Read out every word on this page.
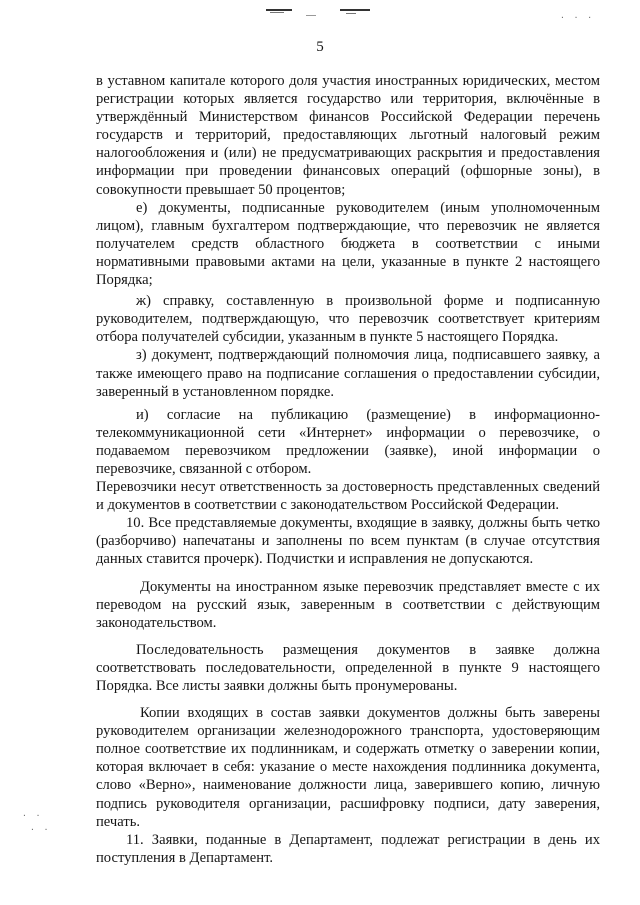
· · ·
· ·
· ·
5

в уставном капитале которого доля участия иностранных юридических, местом регистрации которых является государство или территория, включённые в утверждённый Министерством финансов Российской Федерации перечень государств и территорий, предоставляющих льготный налоговый режим налогообложения и (или) не предусматривающих раскрытия и предоставления информации при проведении финансовых операций (офшорные зоны), в совокупности превышает 50 процентов;

е) документы, подписанные руководителем (иным уполномоченным лицом), главным бухгалтером подтверждающие, что перевозчик не является получателем средств областного бюджета в соответствии с иными нормативными правовыми актами на цели, указанные в пункте 2 настоящего Порядка;

ж) справку, составленную в произвольной форме и подписанную руководителем, подтверждающую, что перевозчик соответствует критериям отбора получателей субсидии, указанным в пункте 5 настоящего Порядка.

з) документ, подтверждающий полномочия лица, подписавшего заявку, а также имеющего право на подписание соглашения о предоставлении субсидии, заверенный в установленном порядке.

и) согласие на публикацию (размещение) в информационно-телекоммуникационной сети «Интернет» информации о перевозчике, о подаваемом перевозчиком предложении (заявке), иной информации о перевозчике, связанной с отбором.

Перевозчики несут ответственность за достоверность представленных сведений и документов в соответствии с законодательством Российской Федерации.

10. Все представляемые документы, входящие в заявку, должны быть четко (разборчиво) напечатаны и заполнены по всем пунктам (в случае отсутствия данных ставится прочерк). Подчистки и исправления не допускаются.

Документы на иностранном языке перевозчик представляет вместе с их переводом на русский язык, заверенным в соответствии с действующим законодательством.

Последовательность размещения документов в заявке должна соответствовать последовательности, определенной в пункте 9 настоящего Порядка. Все листы заявки должны быть пронумерованы.

Копии входящих в состав заявки документов должны быть заверены руководителем организации железнодорожного транспорта, удостоверяющим полное соответствие их подлинникам, и содержать отметку о заверении копии, которая включает в себя: указание о месте нахождения подлинника документа, слово «Верно», наименование должности лица, заверившего копию, личную подпись руководителя организации, расшифровку подписи, дату заверения, печать.

11. Заявки, поданные в Департамент, подлежат регистрации в день их поступления в Департамент.
